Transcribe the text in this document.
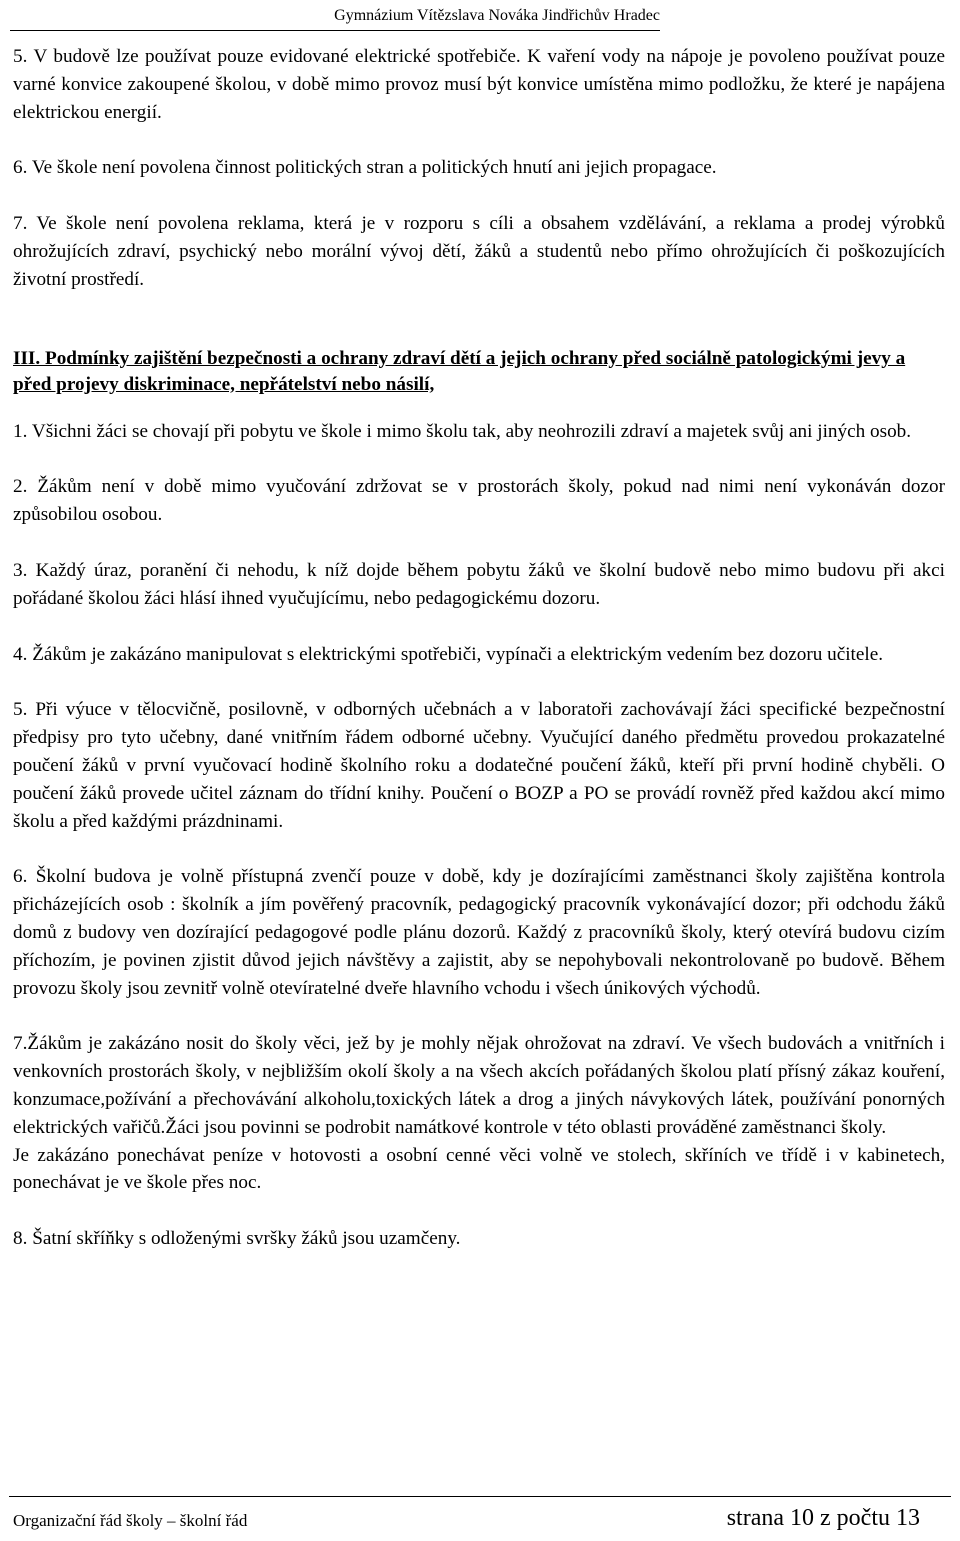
Gymnázium Vítězslava Nováka Jindřichův Hradec

5. V budově lze používat pouze evidované elektrické spotřebiče. K vaření vody na nápoje je povoleno používat pouze varné konvice zakoupené školou, v době mimo provoz musí být konvice umístěna mimo podložku, že které je napájena elektrickou energií.

6. Ve škole není povolena činnost politických stran a politických hnutí ani jejich propagace.

7. Ve škole není povolena reklama, která je v rozporu s cíli a obsahem vzdělávání, a reklama a prodej výrobků ohrožujících zdraví, psychický nebo morální vývoj dětí, žáků a studentů nebo přímo ohrožujících či poškozujících životní prostředí.

III. Podmínky zajištění bezpečnosti a ochrany zdraví dětí a jejich ochrany před sociálně patologickými jevy a před projevy diskriminace, nepřátelství nebo násilí,

1. Všichni žáci se chovají při pobytu ve škole i mimo školu tak, aby neohrozili zdraví a majetek svůj ani jiných osob.

2. Žákům není v době mimo vyučování zdržovat se v prostorách školy, pokud nad nimi není vykonáván dozor způsobilou osobou.

3. Každý úraz, poranění či nehodu, k níž dojde během pobytu žáků ve školní budově nebo mimo budovu při akci pořádané školou žáci hlásí ihned vyučujícímu, nebo pedagogickému dozoru.

4. Žákům je zakázáno manipulovat s elektrickými spotřebiči, vypínači a elektrickým vedením bez dozoru učitele.

5. Při výuce v tělocvičně, posilovně, v odborných učebnách a v laboratoři zachovávají žáci specifické bezpečnostní předpisy pro tyto učebny, dané vnitřním řádem odborné učebny. Vyučující daného předmětu provedou prokazatelné poučení žáků v první vyučovací hodině školního roku a dodatečné poučení žáků, kteří při první hodině chyběli. O poučení žáků provede učitel záznam do třídní knihy. Poučení o BOZP a PO se provádí rovněž před každou akcí mimo školu a před každými prázdninami.

6. Školní budova je volně přístupná zvenčí pouze v době, kdy je dozírajícími zaměstnanci školy zajištěna kontrola přicházejících osob : školník a jím pověřený pracovník, pedagogický pracovník vykonávající dozor; při odchodu žáků domů z budovy ven dozírající pedagogové podle plánu dozorů. Každý z pracovníků školy, který otevírá budovu cizím příchozím, je povinen zjistit důvod jejich návštěvy a zajistit, aby se nepohybovali nekontrolovaně po budově. Během provozu školy jsou zevnitř volně otevíratelné dveře hlavního vchodu i všech únikových východů.

7.Žákům je zakázáno nosit do školy věci, jež by je mohly nějak ohrožovat na zdraví. Ve všech budovách a vnitřních i venkovních prostorách školy, v nejbližším okolí školy a na všech akcích pořádaných školou platí přísný zákaz kouření, konzumace,požívání a přechovávání alkoholu,toxických látek a drog a jiných návykových látek, používání ponorných elektrických vařičů.Žáci jsou povinni se podrobit namátkové kontrole v této oblasti prováděné zaměstnanci školy.

Je zakázáno ponechávat peníze v hotovosti a osobní cenné věci volně ve stolech, skříních ve třídě i v kabinetech, ponechávat je ve škole přes noc.

8. Šatní skříňky s odloženými svršky žáků jsou uzamčeny.

Organizační řád školy – školní řád	strana 10 z počtu 13
